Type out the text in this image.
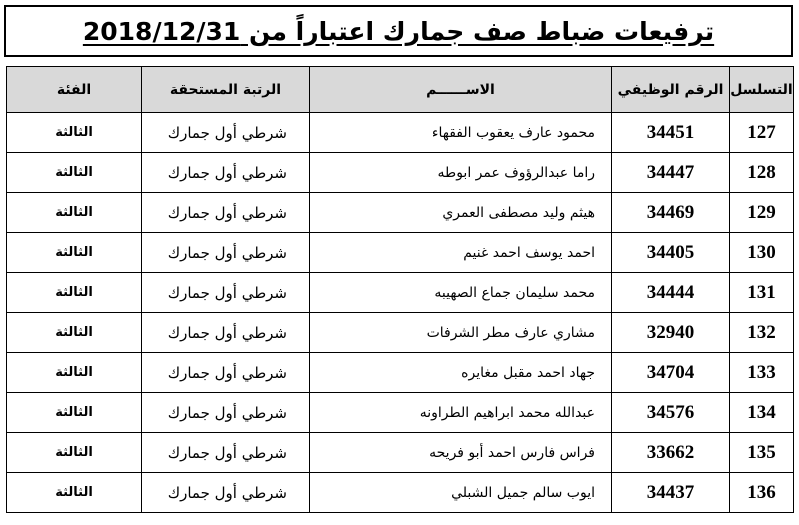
ترفيعات ضباط صف جمارك اعتباراً من 2018/12/31
الفئة	الرتبة المستحقة	الاســــــم	الرقم الوظيفي	التسلسل
الثالثة	شرطي أول جمارك	محمود عارف يعقوب الفقهاء	34451	127
الثالثة	شرطي أول جمارك	راما عبدالرؤوف عمر ابوطه	34447	128
الثالثة	شرطي أول جمارك	هيثم وليد مصطفى العمري	34469	129
الثالثة	شرطي أول جمارك	احمد يوسف احمد غنيم	34405	130
الثالثة	شرطي أول جمارك	محمد سليمان جماع الصهيبه	34444	131
الثالثة	شرطي أول جمارك	مشاري عارف مطر الشرفات	32940	132
الثالثة	شرطي أول جمارك	جهاد احمد مقبل مغايره	34704	133
الثالثة	شرطي أول جمارك	عبدالله محمد ابراهيم الطراونه	34576	134
الثالثة	شرطي أول جمارك	فراس فارس احمد أبو فريحه	33662	135
الثالثة	شرطي أول جمارك	ايوب سالم جميل الشبلي	34437	136
